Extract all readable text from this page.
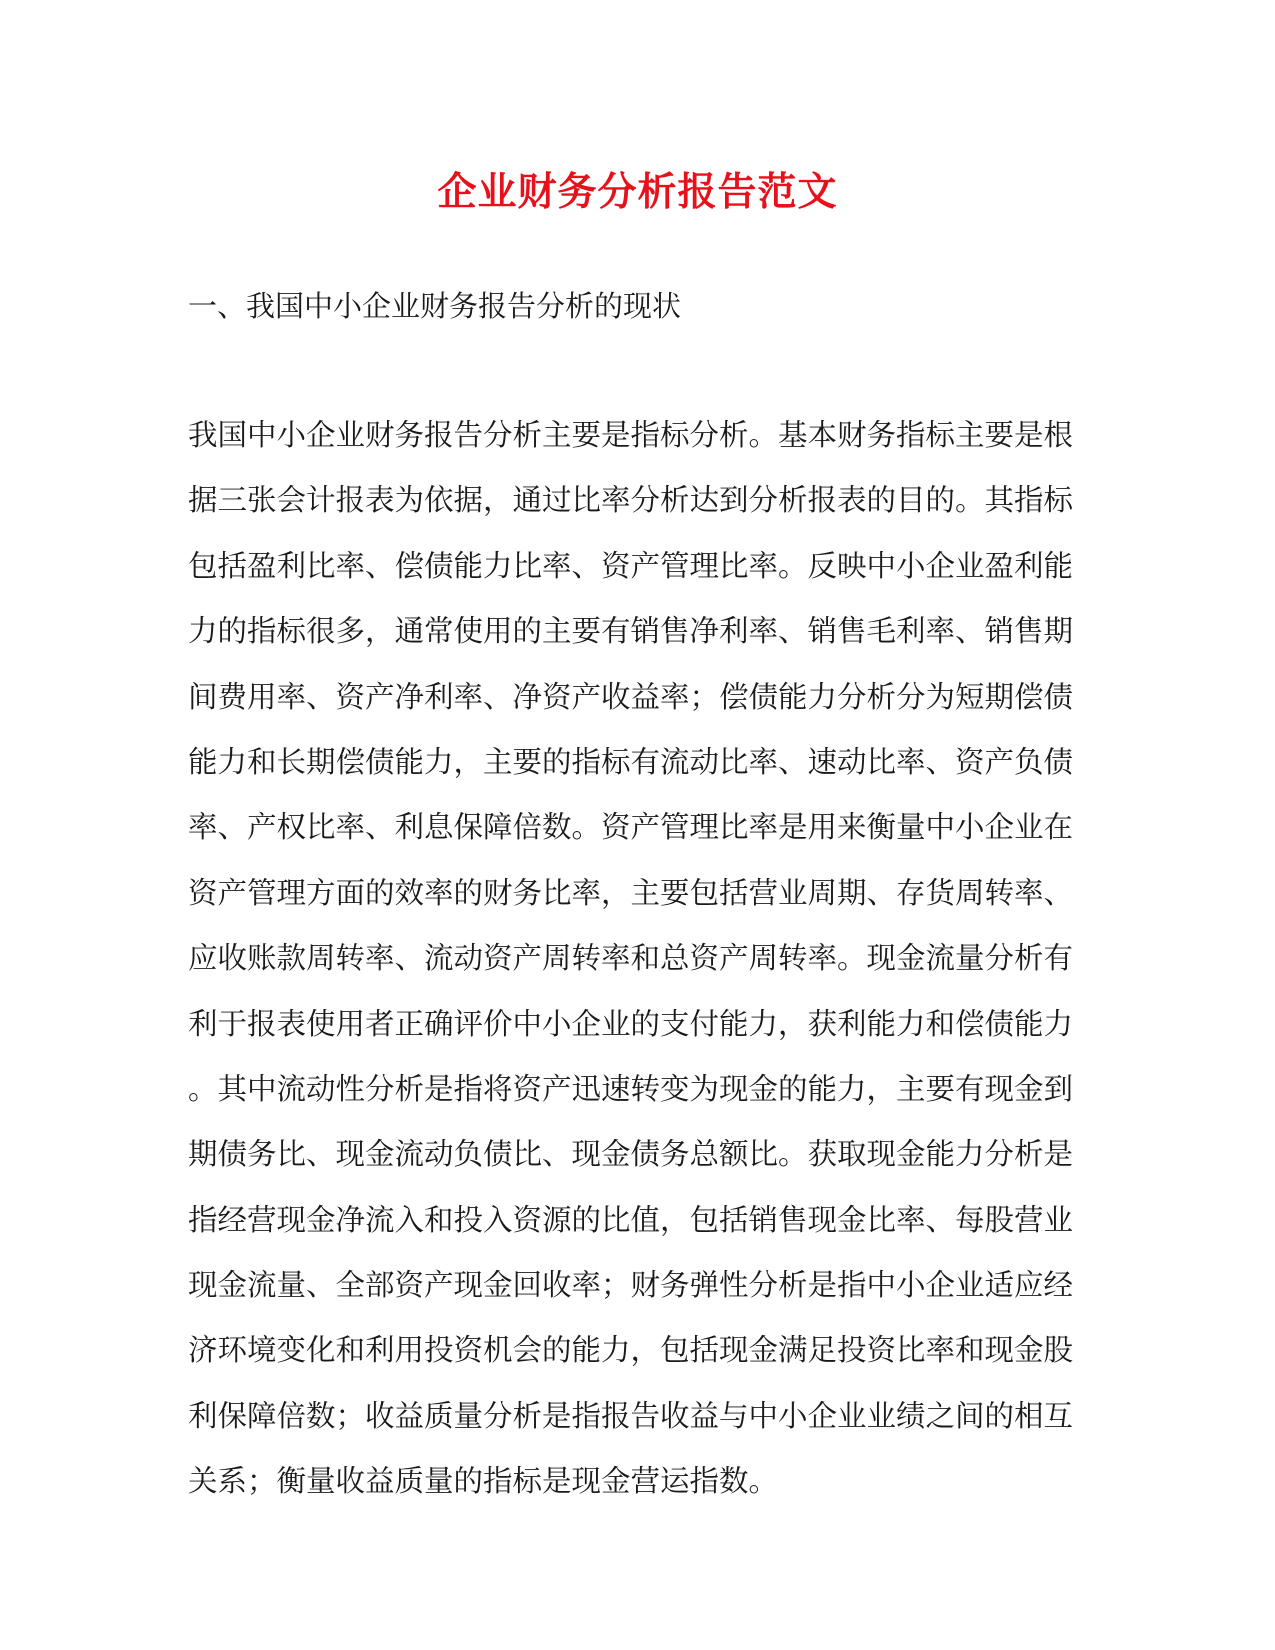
企业财务分析报告范文
一、我国中小企业财务报告分析的现状
我国中小企业财务报告分析主要是指标分析。基本财务指标主要是根
据三张会计报表为依据，通过比率分析达到分析报表的目的。其指标
包括盈利比率、偿债能力比率、资产管理比率。反映中小企业盈利能
力的指标很多，通常使用的主要有销售净利率、销售毛利率、销售期
间费用率、资产净利率、净资产收益率；偿债能力分析分为短期偿债
能力和长期偿债能力，主要的指标有流动比率、速动比率、资产负债
率、产权比率、利息保障倍数。资产管理比率是用来衡量中小企业在
资产管理方面的效率的财务比率，主要包括营业周期、存货周转率、
应收账款周转率、流动资产周转率和总资产周转率。现金流量分析有
利于报表使用者正确评价中小企业的支付能力，获利能力和偿债能力
。其中流动性分析是指将资产迅速转变为现金的能力，主要有现金到
期债务比、现金流动负债比、现金债务总额比。获取现金能力分析是
指经营现金净流入和投入资源的比值，包括销售现金比率、每股营业
现金流量、全部资产现金回收率；财务弹性分析是指中小企业适应经
济环境变化和利用投资机会的能力，包括现金满足投资比率和现金股
利保障倍数；收益质量分析是指报告收益与中小企业业绩之间的相互
关系；衡量收益质量的指标是现金营运指数。
